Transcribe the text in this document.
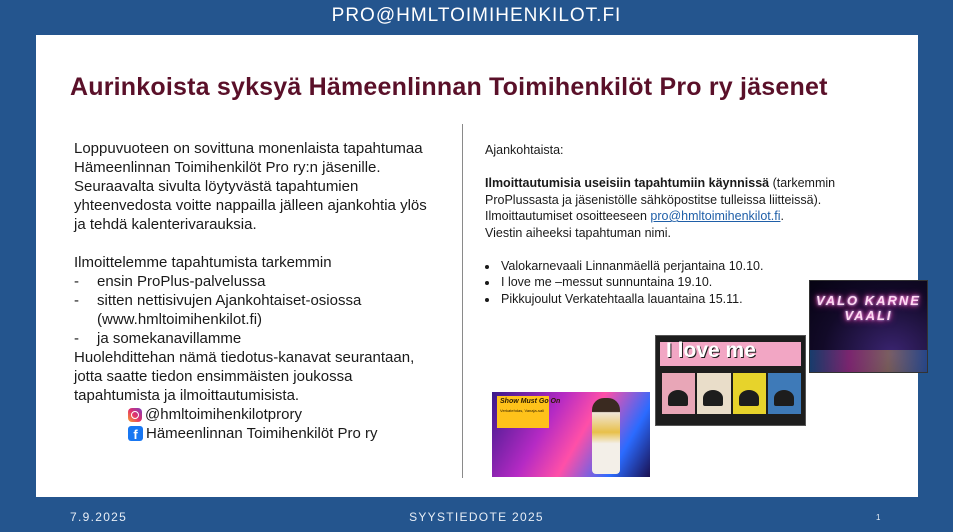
PRO@HMLTOIMIHENKILOT.FI
Aurinkoista syksyä Hämeenlinnan Toimihenkilöt Pro ry jäsenet

Loppuvuoteen on sovittuna monenlaista tapahtumaa Hämeenlinnan Toimihenkilöt Pro ry:n jäsenille. Seuraavalta sivulta löytyvästä tapahtumien yhteenvedosta voitte nappailla jälleen ajankohtia ylös ja tehdä kalenterivarauksia.

Ilmoittelemme tapahtumista tarkemmin

-	ensin ProPlus-palvelussa
-	sitten nettisivujen Ajankohtaiset-osiossa (www.hmltoimihenkilot.fi)
-	ja somekanavillamme

Huolehdittehan nämä tiedotus-kanavat seurantaan, jotta saatte tiedon ensimmäisten joukossa tapahtumista ja ilmoittautumisista.

@hmltoimihenkilotprory
f Hämeenlinnan Toimihenkilöt Pro ry

Ajankohtaista:

Ilmoittautumisia useisiin tapahtumiin käynnissä (tarkemmin ProPlussasta ja jäsenistölle sähköpostitse tulleissa liitteissä).

Ilmoittautumiset osoitteeseen pro@hmltoimihenkilot.fi.

Viestin aiheeksi tapahtuman nimi.

• Valokarnevaali Linnanmäellä perjantaina 10.10.
• I love me –messut sunnuntaina 19.10.
• Pikkujoulut Verkatehtaalla lauantaina 15.11.	VALO KARNE VAALI
I love me
Show Must Go On
Verkatehdas, Vanaja-sali
7.9.2025	SYYSTIEDOTE 2025	1
